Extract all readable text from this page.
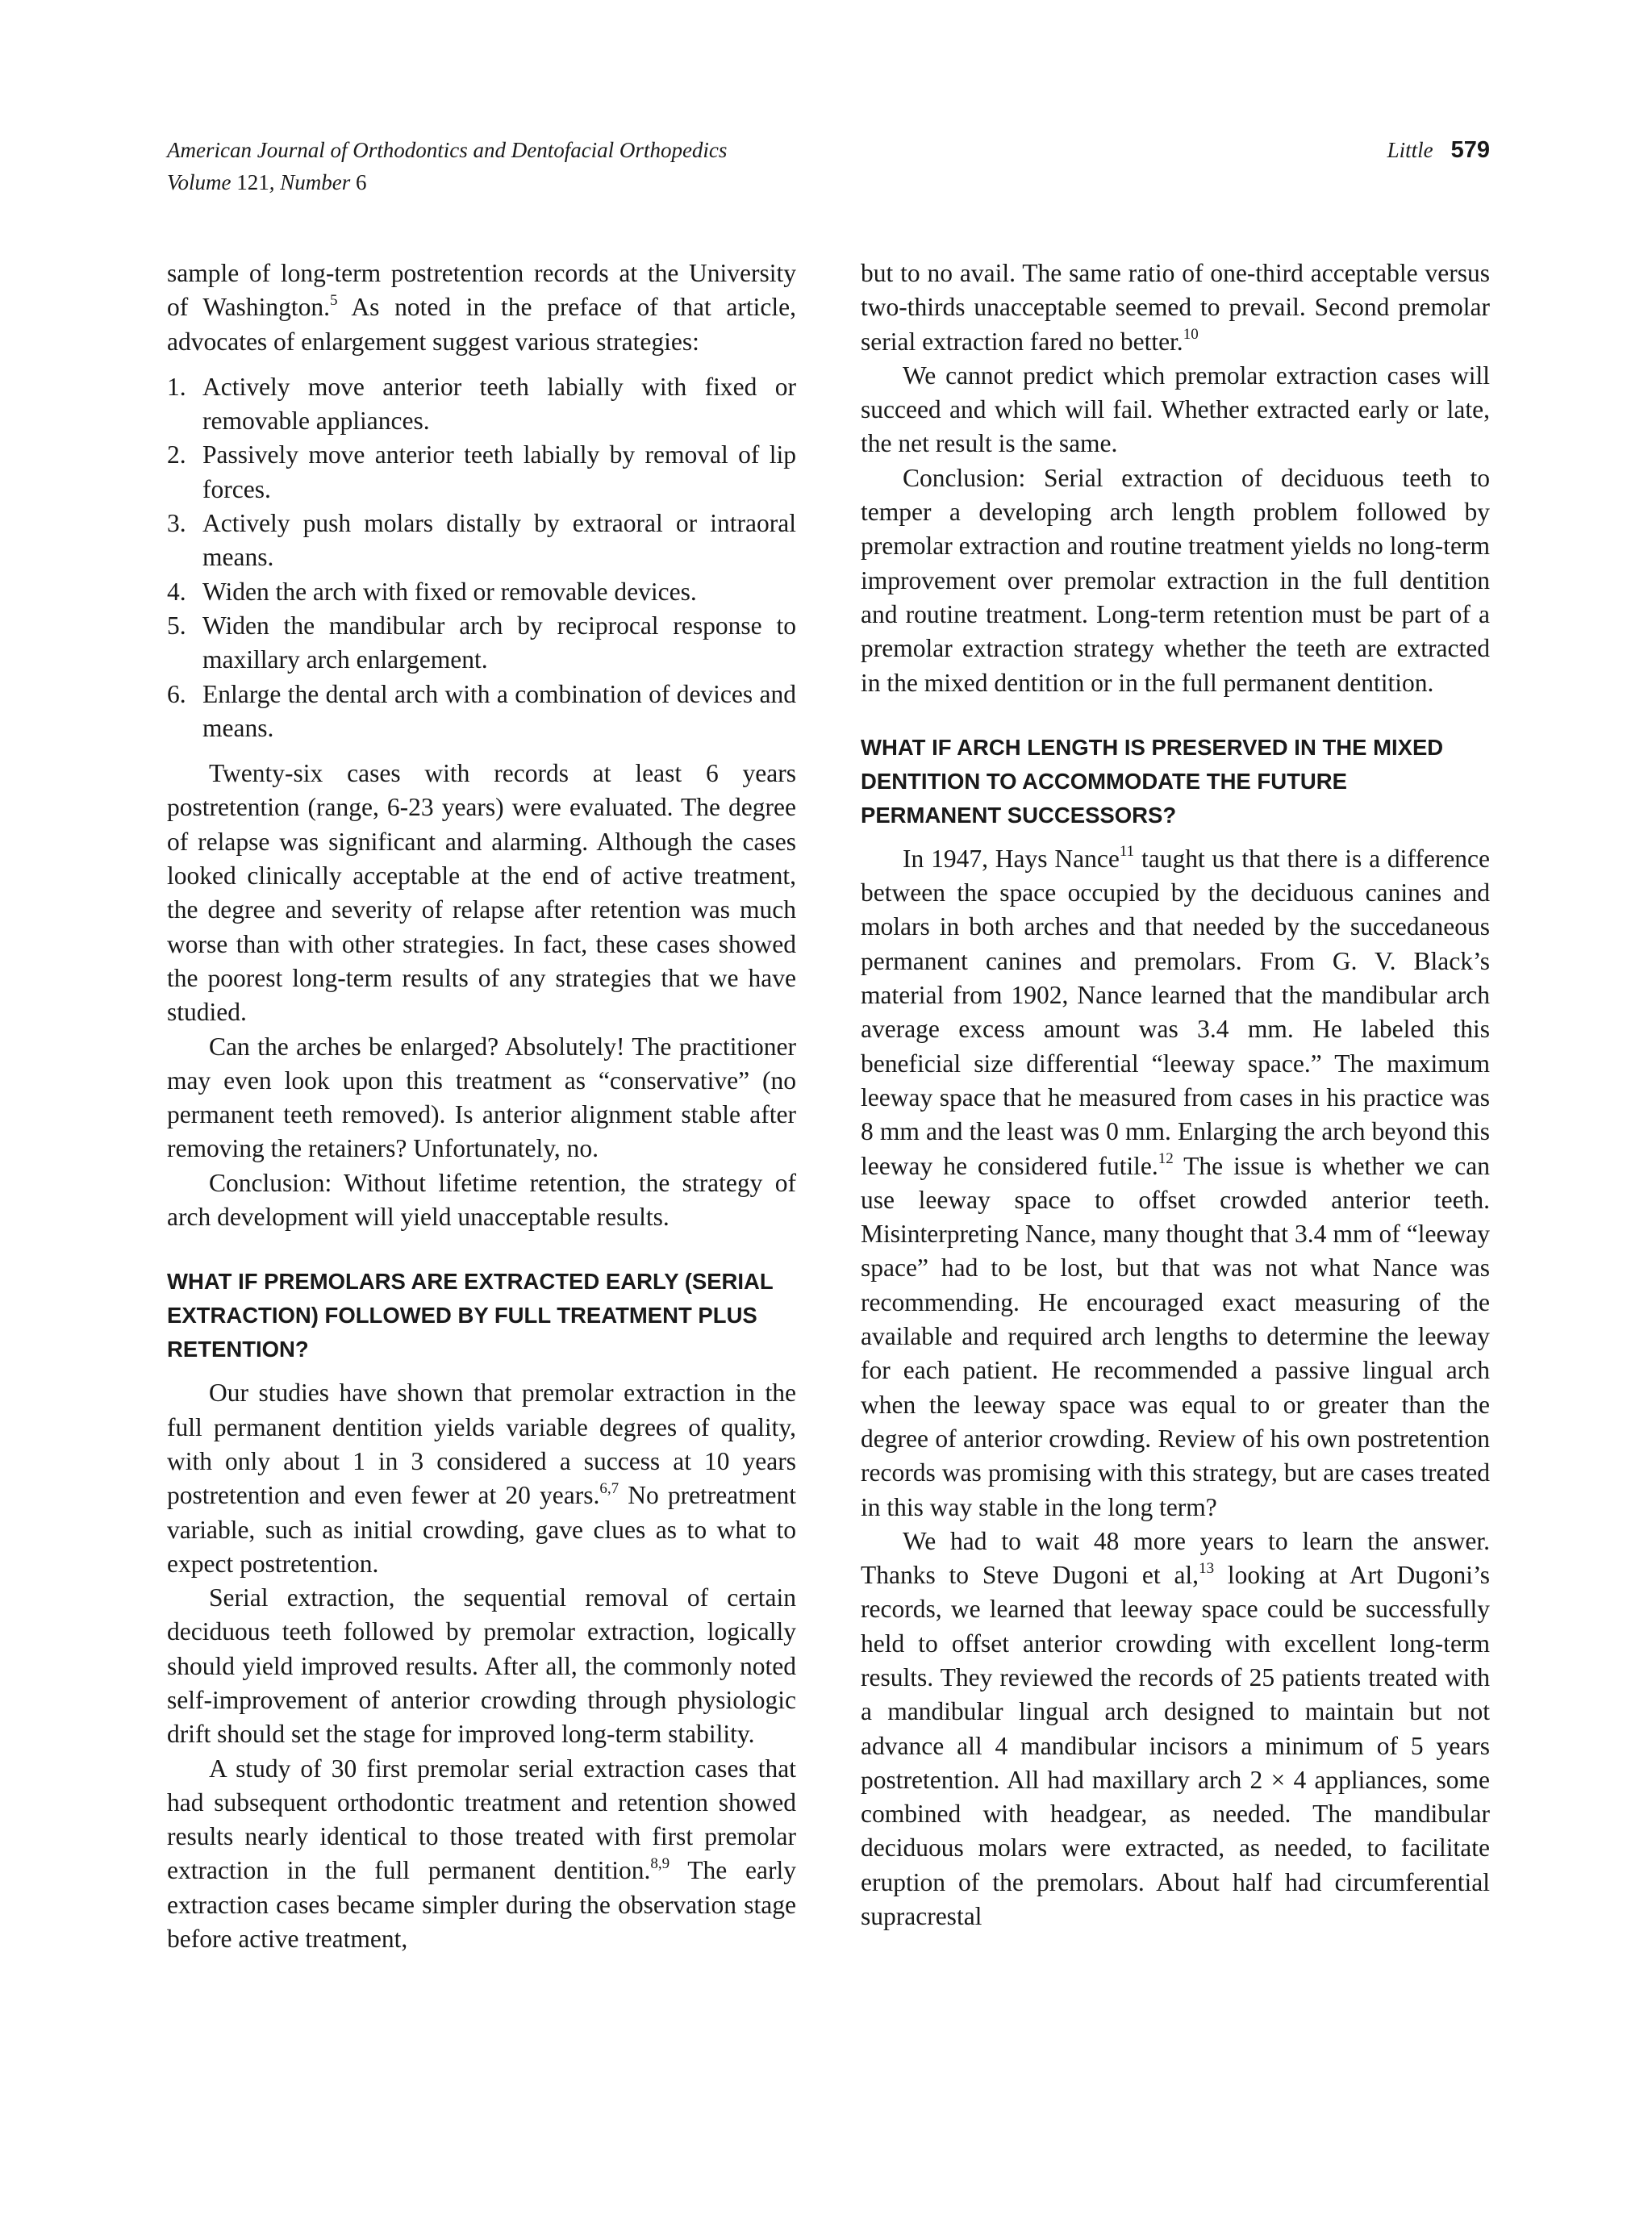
American Journal of Orthodontics and Dentofacial Orthopedics
Volume 121, Number 6
Little 579

sample of long-term postretention records at the University of Washington.$^5$ As noted in the preface of that article, advocates of enlargement suggest various strategies:

1. Actively move anterior teeth labially with fixed or removable appliances.
2. Passively move anterior teeth labially by removal of lip forces.
3. Actively push molars distally by extraoral or intraoral means.
4. Widen the arch with fixed or removable devices.
5. Widen the mandibular arch by reciprocal response to maxillary arch enlargement.
6. Enlarge the dental arch with a combination of devices and means.

Twenty-six cases with records at least 6 years postretention (range, 6-23 years) were evaluated. The degree of relapse was significant and alarming. Although the cases looked clinically acceptable at the end of active treatment, the degree and severity of relapse after retention was much worse than with other strategies. In fact, these cases showed the poorest long-term results of any strategies that we have studied.

Can the arches be enlarged? Absolutely! The practitioner may even look upon this treatment as “conservative” (no permanent teeth removed). Is anterior alignment stable after removing the retainers? Unfortunately, no.

Conclusion: Without lifetime retention, the strategy of arch development will yield unacceptable results.

WHAT IF PREMOLARS ARE EXTRACTED EARLY (SERIAL EXTRACTION) FOLLOWED BY FULL TREATMENT PLUS RETENTION?

Our studies have shown that premolar extraction in the full permanent dentition yields variable degrees of quality, with only about 1 in 3 considered a success at 10 years postretention and even fewer at 20 years.$^{6,7}$ No pretreatment variable, such as initial crowding, gave clues as to what to expect postretention.

Serial extraction, the sequential removal of certain deciduous teeth followed by premolar extraction, logically should yield improved results. After all, the commonly noted self-improvement of anterior crowding through physiologic drift should set the stage for improved long-term stability.

A study of 30 first premolar serial extraction cases that had subsequent orthodontic treatment and retention showed results nearly identical to those treated with first premolar extraction in the full permanent dentition.$^{8,9}$ The early extraction cases became simpler during the observation stage before active treatment,

but to no avail. The same ratio of one-third acceptable versus two-thirds unacceptable seemed to prevail. Second premolar serial extraction fared no better.$^{10}$

We cannot predict which premolar extraction cases will succeed and which will fail. Whether extracted early or late, the net result is the same.

Conclusion: Serial extraction of deciduous teeth to temper a developing arch length problem followed by premolar extraction and routine treatment yields no long-term improvement over premolar extraction in the full dentition and routine treatment. Long-term retention must be part of a premolar extraction strategy whether the teeth are extracted in the mixed dentition or in the full permanent dentition.

WHAT IF ARCH LENGTH IS PRESERVED IN THE MIXED DENTITION TO ACCOMMODATE THE FUTURE PERMANENT SUCCESSORS?

In 1947, Hays Nance$^{11}$ taught us that there is a difference between the space occupied by the deciduous canines and molars in both arches and that needed by the succedaneous permanent canines and premolars. From G. V. Black’s material from 1902, Nance learned that the mandibular arch average excess amount was 3.4 mm. He labeled this beneficial size differential “leeway space.” The maximum leeway space that he measured from cases in his practice was 8 mm and the least was 0 mm. Enlarging the arch beyond this leeway he considered futile.$^{12}$ The issue is whether we can use leeway space to offset crowded anterior teeth. Misinterpreting Nance, many thought that 3.4 mm of “leeway space” had to be lost, but that was not what Nance was recommending. He encouraged exact measuring of the available and required arch lengths to determine the leeway for each patient. He recommended a passive lingual arch when the leeway space was equal to or greater than the degree of anterior crowding. Review of his own postretention records was promising with this strategy, but are cases treated in this way stable in the long term?

We had to wait 48 more years to learn the answer. Thanks to Steve Dugoni et al,$^{13}$ looking at Art Dugoni’s records, we learned that leeway space could be successfully held to offset anterior crowding with excellent long-term results. They reviewed the records of 25 patients treated with a mandibular lingual arch designed to maintain but not advance all 4 mandibular incisors a minimum of 5 years postretention. All had maxillary arch 2 × 4 appliances, some combined with headgear, as needed. The mandibular deciduous molars were extracted, as needed, to facilitate eruption of the premolars. About half had circumferential supracrestal
